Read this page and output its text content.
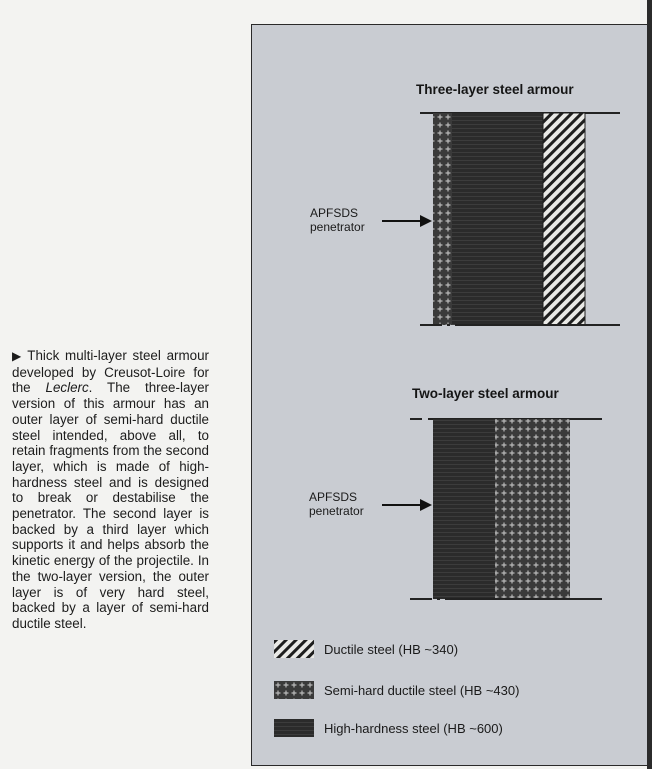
▶ Thick multi-layer steel armour developed by Creusot-Loire for the Leclerc. The three-layer version of this armour has an outer layer of semi-hard ductile steel intended, above all, to retain fragments from the second layer, which is made of high-hardness steel and is designed to break or destabilise the penetrator. The second layer is backed by a third layer which supports it and helps absorb the kinetic energy of the projectile. In the two-layer version, the outer layer is of very hard steel, backed by a layer of semi-hard ductile steel.
Three-layer steel armour
APFSDS
penetrator
Two-layer steel armour
APFSDS
penetrator
Ductile steel (HB ~340)
Semi-hard ductile steel (HB ~430)
High-hardness steel (HB ~600)
